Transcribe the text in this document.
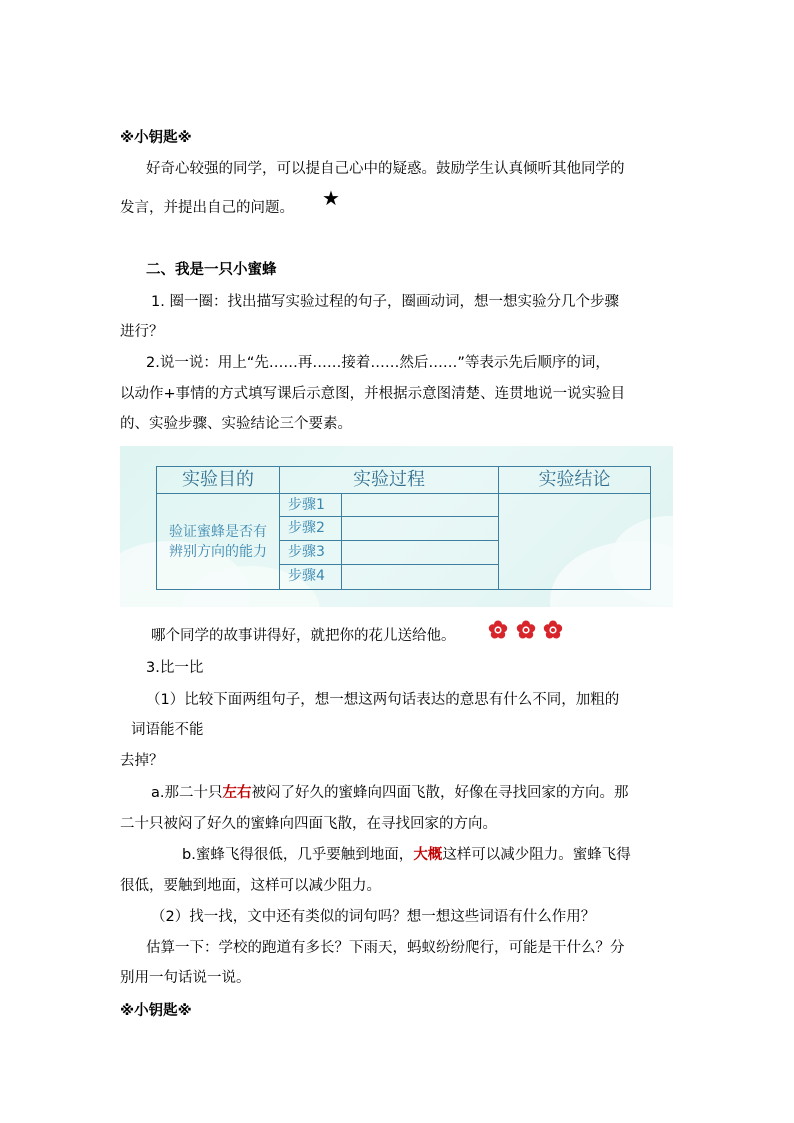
※小钥匙※
好奇心较强的同学，可以提自己心中的疑惑。鼓励学生认真倾听其他同学的
发言，并提出自己的问题。 ★
二、我是一只小蜜蜂
1. 圈一圈：找出描写实验过程的句子，圈画动词，想一想实验分几个步骤
进行？
2.说一说：用上“先……再……接着……然后……”等表示先后顺序的词，
以动作+事情的方式填写课后示意图，并根据示意图清楚、连贯地说一说实验目
的、实验步骤、实验结论三个要素。
实验目的	实验过程	实验结论
验证蜜蜂是否有
辨别方向的能力
步骤1
步骤2
步骤3
步骤4
哪个同学的故事讲得好，就把你的花儿送给他。

3.比一比
（1）比较下面两组句子，想一想这两句话表达的意思有什么不同，加粗的
词语能不能
去掉？
a.那二十只左右被闷了好久的蜜蜂向四面飞散，好像在寻找回家的方向。那
二十只被闷了好久的蜜蜂向四面飞散，在寻找回家的方向。
b.蜜蜂飞得很低，几乎要触到地面，大概这样可以减少阻力。蜜蜂飞得
很低，要触到地面，这样可以减少阻力。
（2）找一找，文中还有类似的词句吗？想一想这些词语有什么作用？
估算一下：学校的跑道有多长？下雨天，蚂蚁纷纷爬行，可能是干什么？分
别用一句话说一说。
※小钥匙※
